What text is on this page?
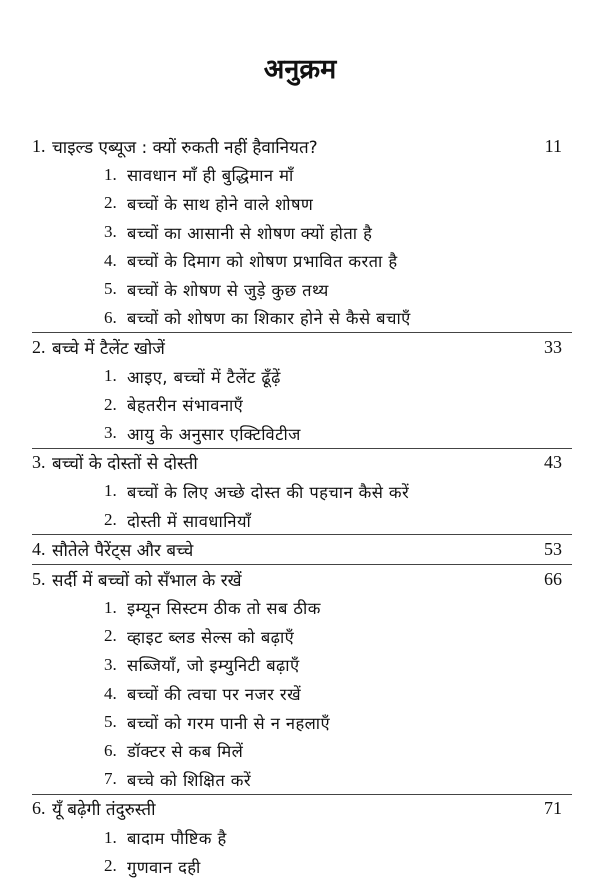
अनुक्रम
1. चाइल्ड एब्यूज : क्यों रुकती नहीं हैवानियत?	11
1. सावधान माँ ही बुद्धिमान माँ
2. बच्चों के साथ होने वाले शोषण
3. बच्चों का आसानी से शोषण क्यों होता है
4. बच्चों के दिमाग को शोषण प्रभावित करता है
5. बच्चों के शोषण से जुड़े कुछ तथ्य
6. बच्चों को शोषण का शिकार होने से कैसे बचाएँ
2. बच्चे में टैलेंट खोजें	33
1. आइए, बच्चों में टैलेंट ढूँढ़ें
2. बेहतरीन संभावनाएँ
3. आयु के अनुसार एक्टिविटीज
3. बच्चों के दोस्तों से दोस्ती	43
1. बच्चों के लिए अच्छे दोस्त की पहचान कैसे करें
2. दोस्ती में सावधानियाँ
4. सौतेले पैरेंट्स और बच्चे	53
5. सर्दी में बच्चों को सँभाल के रखें	66
1. इम्यून सिस्टम ठीक तो सब ठीक
2. व्हाइट ब्लड सेल्स को बढ़ाएँ
3. सब्जियाँ, जो इम्युनिटी बढ़ाएँ
4. बच्चों की त्वचा पर नजर रखें
5. बच्चों को गरम पानी से न नहलाएँ
6. डॉक्टर से कब मिलें
7. बच्चे को शिक्षित करें
6. यूँ बढ़ेगी तंदुरुस्ती	71
1. बादाम पौष्टिक है
2. गुणवान दही
